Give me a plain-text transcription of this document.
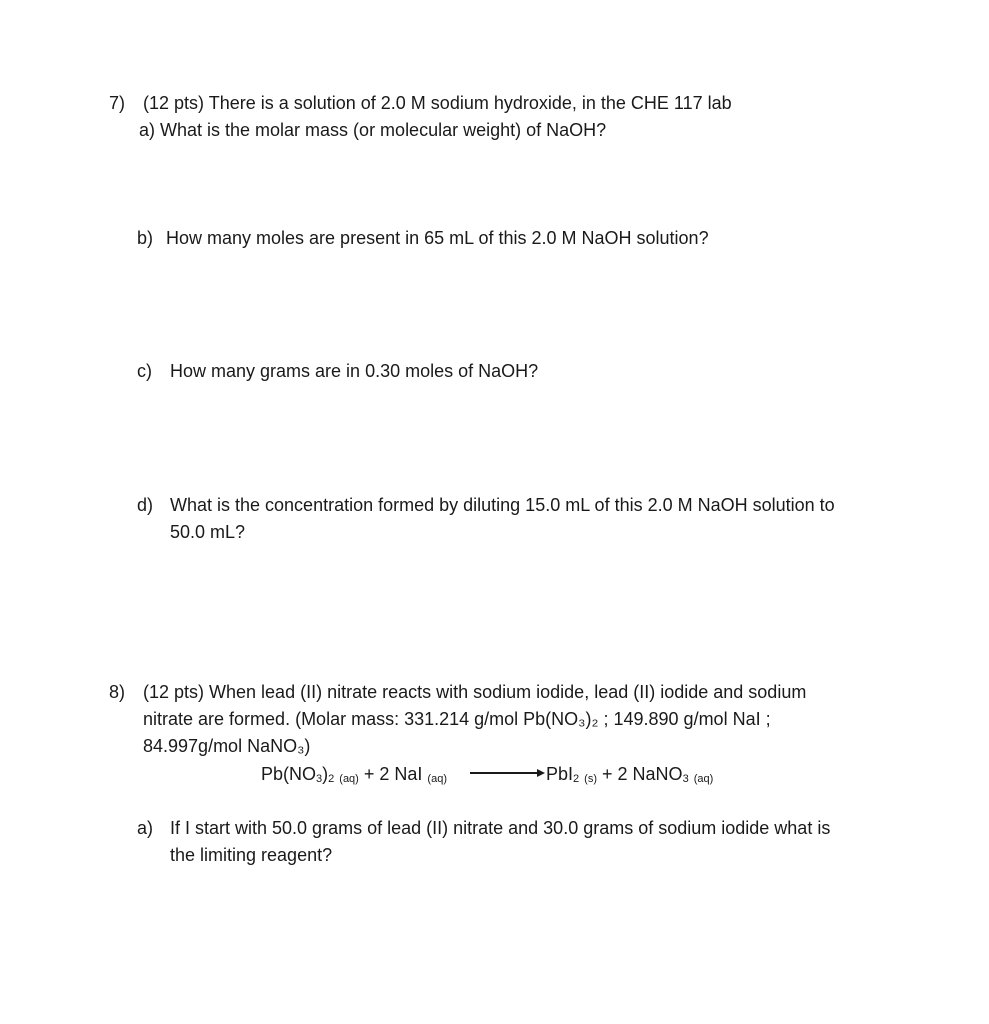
7) (12 pts) There is a solution of 2.0 M sodium hydroxide, in the CHE 117 lab
a) What is the molar mass (or molecular weight) of NaOH?
b) How many moles are present in 65 mL of this 2.0 M NaOH solution?
c) How many grams are in 0.30 moles of NaOH?
d) What is the concentration formed by diluting 15.0 mL of this 2.0 M NaOH solution to
50.0 mL?
8) (12 pts) When lead (II) nitrate reacts with sodium iodide, lead (II) iodide and sodium
nitrate are formed. (Molar mass: 331.214 g/mol Pb(NO₃)₂ ; 149.890 g/mol NaI ;
84.997g/mol NaNO₃)
$Pb(NO_3)_2$ (aq) + 2 NaI (aq)	PbI$_2$ (s) + 2 NaNO$_3$ (aq)
a) If I start with 50.0 grams of lead (II) nitrate and 30.0 grams of sodium iodide what is
the limiting reagent?
